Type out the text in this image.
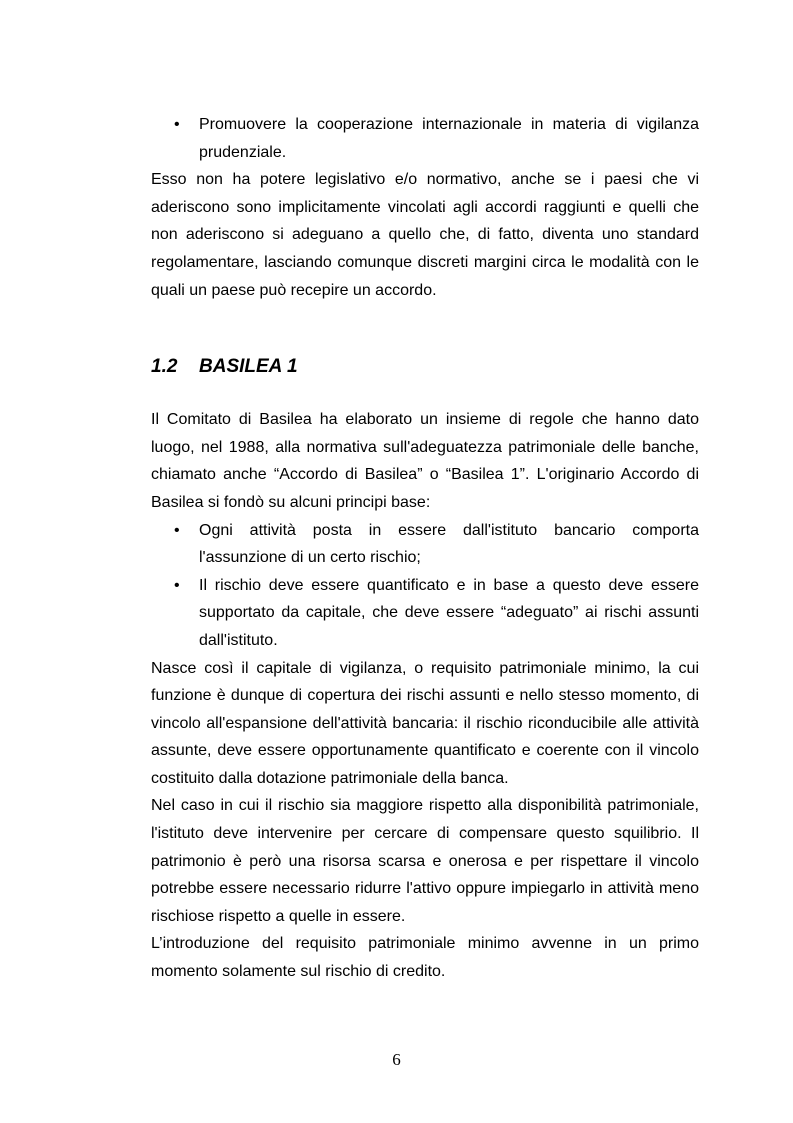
• Promuovere la cooperazione internazionale in materia di vigilanza
prudenziale.
Esso non ha potere legislativo e/o normativo, anche se i paesi che vi
aderiscono sono implicitamente vincolati agli accordi raggiunti e quelli che
non aderiscono si adeguano a quello che, di fatto, diventa uno standard
regolamentare, lasciando comunque discreti margini circa le modalità con le
quali un paese può recepire un accordo.
1.2	BASILEA 1
Il Comitato di Basilea ha elaborato un insieme di regole che hanno dato
luogo, nel 1988, alla normativa sull'adeguatezza patrimoniale delle banche,
chiamato anche “Accordo di Basilea” o “Basilea 1”. L'originario Accordo di
Basilea si fondò su alcuni principi base:
• Ogni attività posta in essere dall'istituto bancario comporta
l'assunzione di un certo rischio;
• Il rischio deve essere quantificato e in base a questo deve essere
supportato da capitale, che deve essere “adeguato” ai rischi assunti
dall'istituto.
Nasce così il capitale di vigilanza, o requisito patrimoniale minimo, la cui
funzione è dunque di copertura dei rischi assunti e nello stesso momento, di
vincolo all'espansione dell'attività bancaria: il rischio riconducibile alle attività
assunte, deve essere opportunamente quantificato e coerente con il vincolo
costituito dalla dotazione patrimoniale della banca.
Nel caso in cui il rischio sia maggiore rispetto alla disponibilità patrimoniale,
l'istituto deve intervenire per cercare di compensare questo squilibrio. Il
patrimonio è però una risorsa scarsa e onerosa e per rispettare il vincolo
potrebbe essere necessario ridurre l'attivo oppure impiegarlo in attività meno
rischiose rispetto a quelle in essere.
L’introduzione del requisito patrimoniale minimo avvenne in un primo
momento solamente sul rischio di credito.
6
